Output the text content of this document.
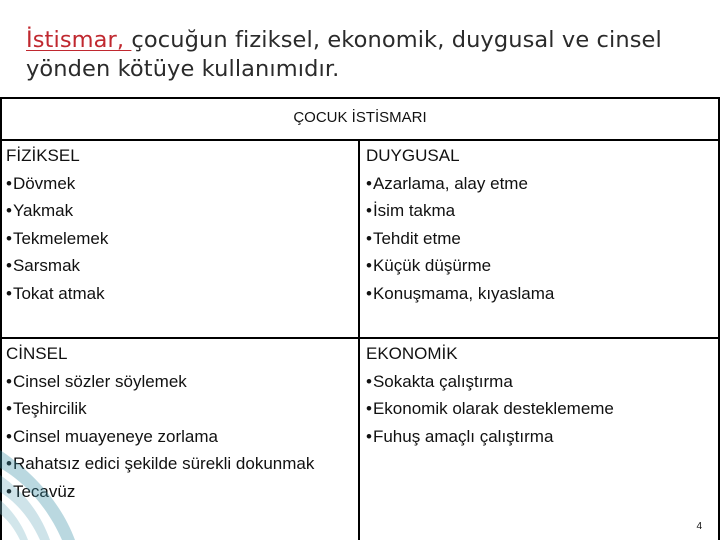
İstismar, çocuğun fiziksel, ekonomik, duygusal ve cinsel yönden kötüye kullanımıdır.
ÇOCUK İSTİSMARI
FİZİKSEL
• Dövmek
• Yakmak
• Tekmelemek
• Sarsmak
• Tokat atmak
DUYGUSAL
• Azarlama, alay etme
• İsim takma
• Tehdit etme
• Küçük düşürme
• Konuşmama, kıyaslama
CİNSEL
• Cinsel sözler söylemek
• Teşhircilik
• Cinsel muayeneye zorlama
• Rahatsız edici şekilde sürekli dokunmak
• Tecavüz
EKONOMİK
• Sokakta çalıştırma
• Ekonomik olarak desteklememe
• Fuhuş amaçlı çalıştırma
4
